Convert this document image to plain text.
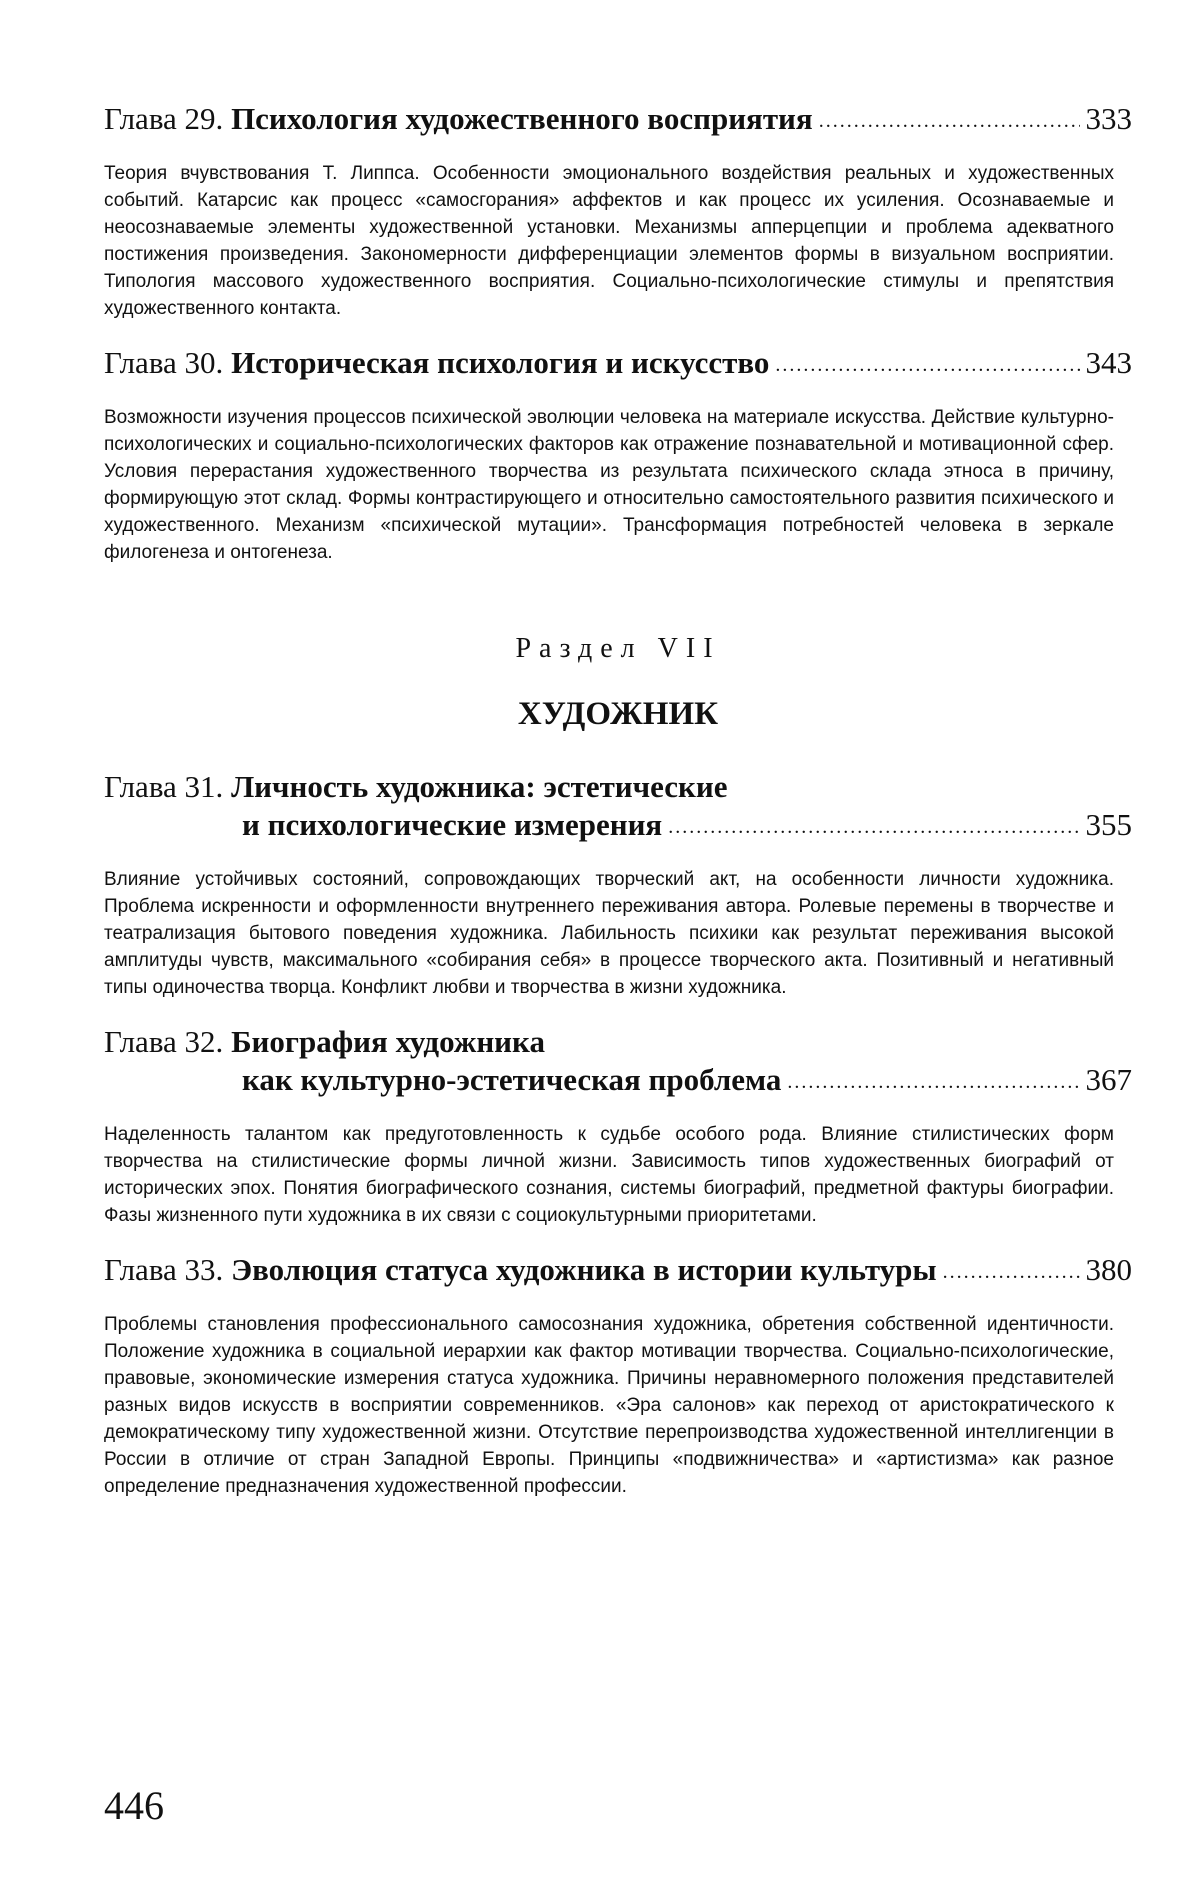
Глава 29.
Психология художественного восприятия .....	333

Теория вчувствования Т. Липпса. Особенности эмоционального воздействия реальных и художественных событий. Катарсис как процесс «самосгорания» аффектов и как процесс их усиления. Осознаваемые и неосознаваемые элементы художественной установки. Механизмы апперцепции и проблема адекватного постижения произведения. Закономерности дифференциации элементов формы в визуальном восприятии. Типология массового художественного восприятия. Социально-психологические стимулы и препятствия художественного контакта.

Глава 30.
Историческая психология и искусство .....	343

Возможности изучения процессов психической эволюции человека на материале искусства. Действие культурно-психологических и социально-психологических факторов как отражение познавательной и мотивационной сфер. Условия перерастания художественного творчества из результата психического склада этноса в причину, формирующую этот склад. Формы контрастирующего и относительно самостоятельного развития психического и художественного. Механизм «психической мутации». Трансформация потребностей человека в зеркале филогенеза и онтогенеза.

Раздел VII
ХУДОЖНИК
Глава 31.
Личность художника: эстетические
и психологические измерения .....	355

Влияние устойчивых состояний, сопровождающих творческий акт, на особенности личности художника. Проблема искренности и оформленности внутреннего переживания автора. Ролевые перемены в творчестве и театрализация бытового поведения художника. Лабильность психики как результат переживания высокой амплитуды чувств, максимального «собирания себя» в процессе творческого акта. Позитивный и негативный типы одиночества творца. Конфликт любви и творчества в жизни художника.

Глава 32.
Биография художника
как культурно-эстетическая проблема .....	367

Наделенность талантом как предуготовленность к судьбе особого рода. Влияние стилистических форм творчества на стилистические формы личной жизни. Зависимость типов художественных биографий от исторических эпох. Понятия биографического сознания, системы биографий, предметной фактуры биографии. Фазы жизненного пути художника в их связи с социокультурными приоритетами.

Глава 33.
Эволюция статуса художника в истории культуры .....	380

Проблемы становления профессионального самосознания художника, обретения собственной идентичности. Положение художника в социальной иерархии как фактор мотивации творчества. Социально-психологические, правовые, экономические измерения статуса художника. Причины неравномерного положения представителей разных видов искусств в восприятии современников. «Эра салонов» как переход от аристократического к демократическому типу художественной жизни. Отсутствие перепроизводства художественной интеллигенции в России в отличие от стран Западной Европы. Принципы «подвижничества» и «артистизма» как разное определение предназначения художественной профессии.

446
